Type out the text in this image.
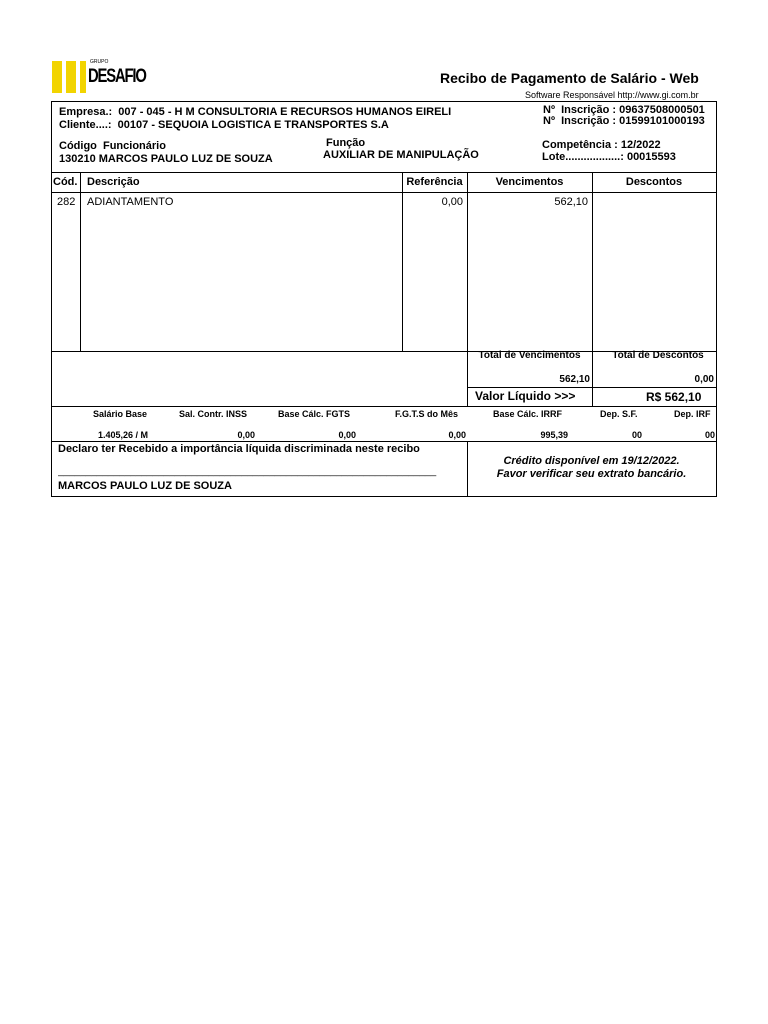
GRUPO
DESAFIO	Recibo de Pagamento de Salário - Web
Software Responsável http://www.gi.com.br
Empresa.:  007 - 045 - H M CONSULTORIA E RECURSOS HUMANOS EIRELI
Cliente....:  00107 - SEQUOIA LOGISTICA E TRANSPORTES S.A
Nº  Inscrição : 09637508000501
Nº  Inscrição : 01599101000193
Código  Funcionário
130210 MARCOS PAULO LUZ DE SOUZA
Função
AUXILIAR DE MANIPULAÇÃO
Competência : 12/2022
Lote..................: 00015593
Cód. Descrição	Referência	Vencimentos	Descontos
282 ADIANTAMENTO	0,00	562,10
Total de Vencimentos	Total de Descontos
562,10	0,00
Valor Líquido >>>	R$ 562,10
Salário Base	Sal. Contr. INSS	Base Cálc. FGTS	F.G.T.S do Mês	Base Cálc. IRRF	Dep. S.F.	Dep. IRF
1.405,26 / M	0,00	0,00	0,00	995,39	00	00
Declaro ter Recebido a importância líquida discriminada neste recibo
____________________________________________________________________
MARCOS PAULO LUZ DE SOUZA
Crédito disponível em 19/12/2022.
Favor verificar seu extrato bancário.
